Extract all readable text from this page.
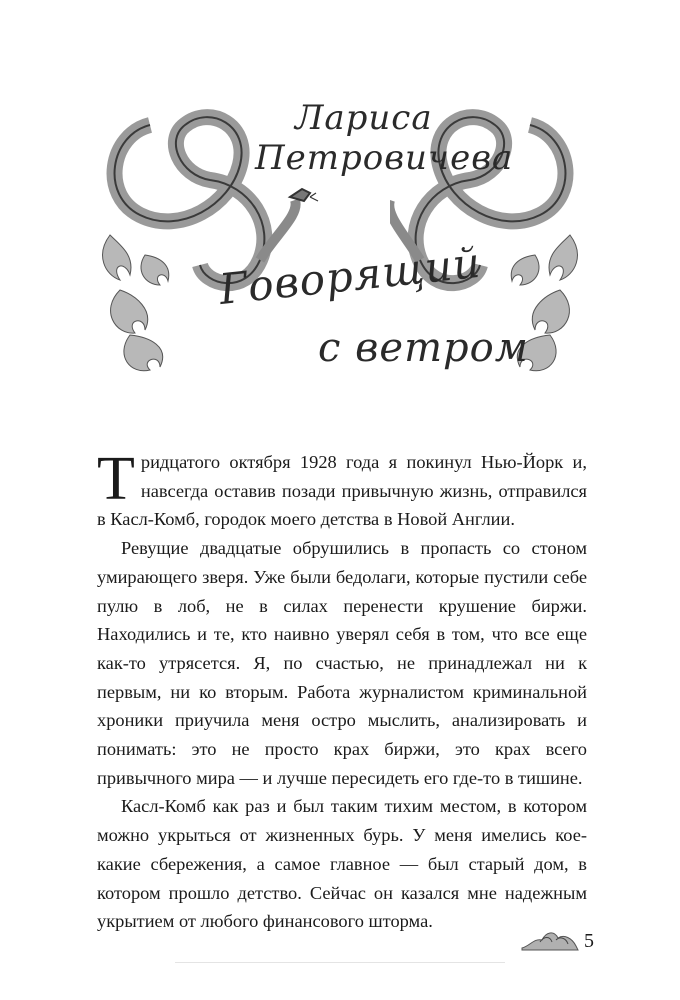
Лариса
Петровичева
Говорящий
с ветром

Тридцатого октября 1928 года я покинул Нью-Йорк и, навсегда оставив позади привычную жизнь, отправился в Касл-Комб, городок моего детства в Новой Англии.

Ревущие двадцатые обрушились в пропасть со стоном умирающего зверя. Уже были бедолаги, которые пустили себе пулю в лоб, не в силах перенести крушение биржи. Находились и те, кто наивно уверял себя в том, что все еще как-то утрясется. Я, по счастью, не принадлежал ни к первым, ни ко вторым. Работа журналистом криминальной хроники приучила меня остро мыслить, анализировать и понимать: это не просто крах биржи, это крах всего привычного мира — и лучше пересидеть его где-то в тишине.

Касл-Комб как раз и был таким тихим местом, в котором можно укрыться от жизненных бурь. У меня имелись кое-какие сбережения, а самое главное — был старый дом, в котором прошло детство. Сейчас он казался мне надежным укрытием от любого финансового шторма.

5
